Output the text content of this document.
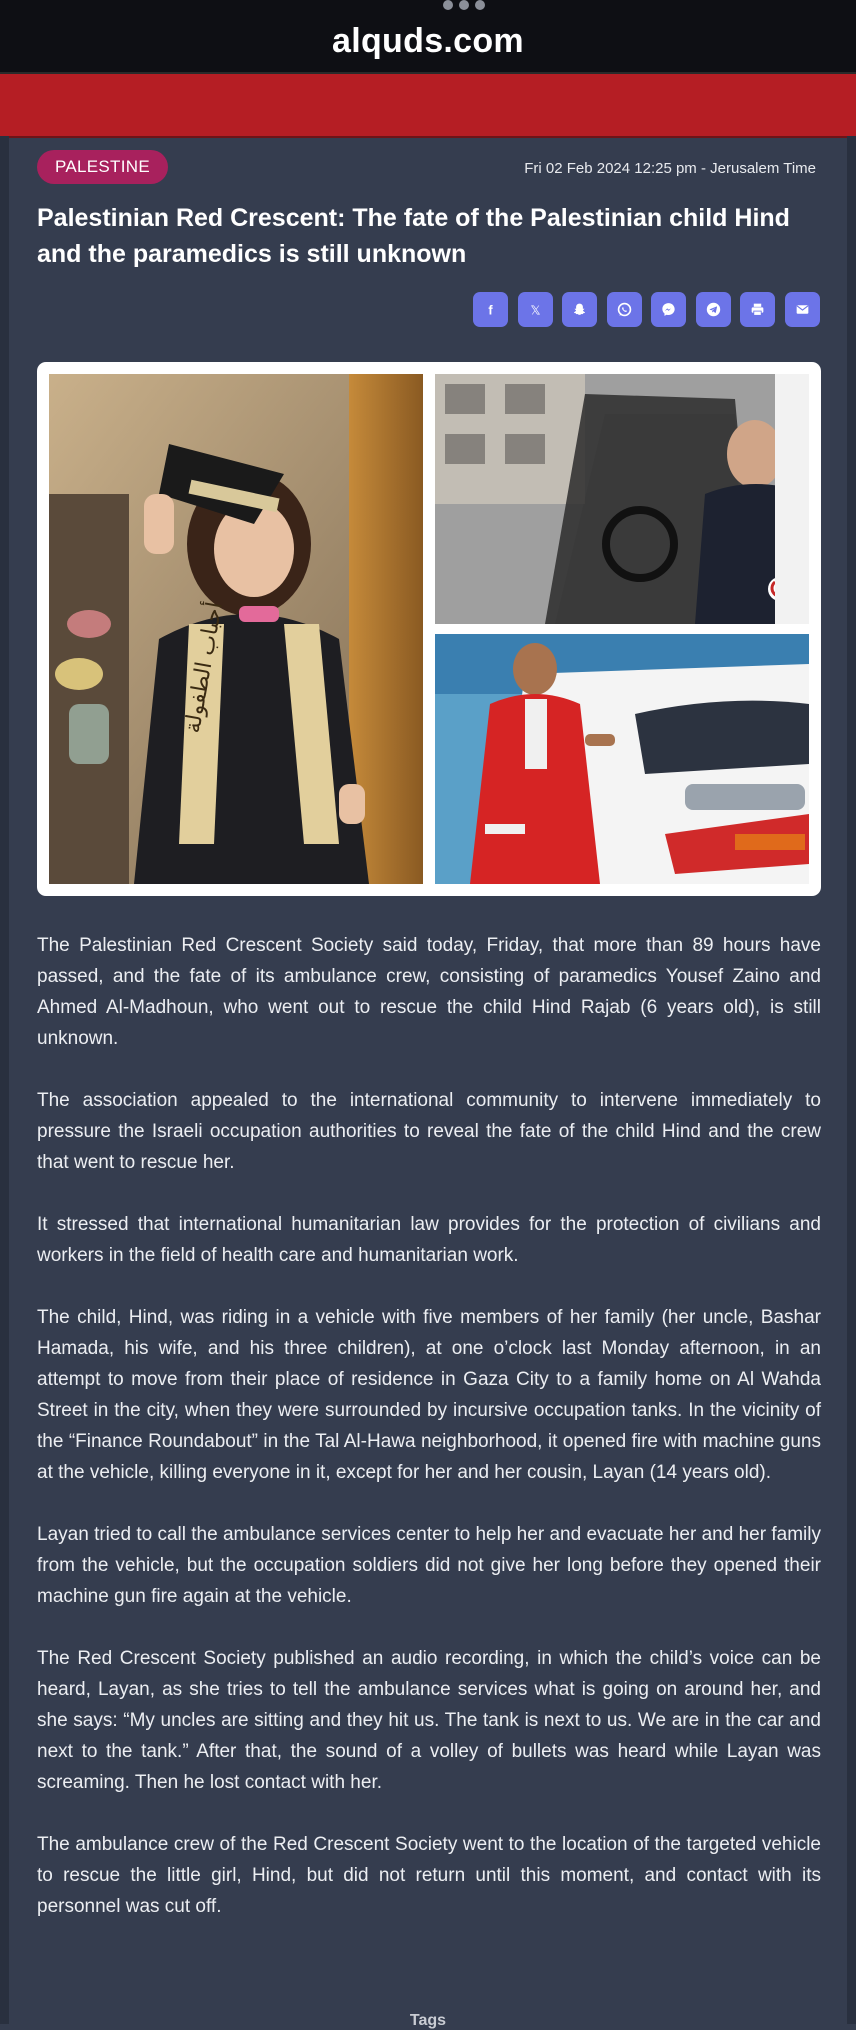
alquds.com
PALESTINE	Fri 02 Feb 2024 12:25 pm - Jerusalem Time
Palestinian Red Crescent: The fate of the Palestinian child Hind and the paramedics is still unknown
f	𝕏
أحباب الطفولة

The Palestinian Red Crescent Society said today, Friday, that more than 89 hours have passed, and the fate of its ambulance crew, consisting of paramedics Yousef Zaino and Ahmed Al-Madhoun, who went out to rescue the child Hind Rajab (6 years old), is still unknown.

The association appealed to the international community to intervene immediately to pressure the Israeli occupation authorities to reveal the fate of the child Hind and the crew that went to rescue her.

It stressed that international humanitarian law provides for the protection of civilians and workers in the field of health care and humanitarian work.

The child, Hind, was riding in a vehicle with five members of her family (her uncle, Bashar Hamada, his wife, and his three children), at one o’clock last Monday afternoon, in an attempt to move from their place of residence in Gaza City to a family home on Al Wahda Street in the city, when they were surrounded by incursive occupation tanks. In the vicinity of the “Finance Roundabout” in the Tal Al-Hawa neighborhood, it opened fire with machine guns at the vehicle, killing everyone in it, except for her and her cousin, Layan (14 years old).

Layan tried to call the ambulance services center to help her and evacuate her and her family from the vehicle, but the occupation soldiers did not give her long before they opened their machine gun fire again at the vehicle.

The Red Crescent Society published an audio recording, in which the child’s voice can be heard, Layan, as she tries to tell the ambulance services what is going on around her, and she says: “My uncles are sitting and they hit us. The tank is next to us. We are in the car and next to the tank.” After that, the sound of a volley of bullets was heard while Layan was screaming. Then he lost contact with her.

The ambulance crew of the Red Crescent Society went to the location of the targeted vehicle to rescue the little girl, Hind, but did not return until this moment, and contact with its personnel was cut off.

Tags
